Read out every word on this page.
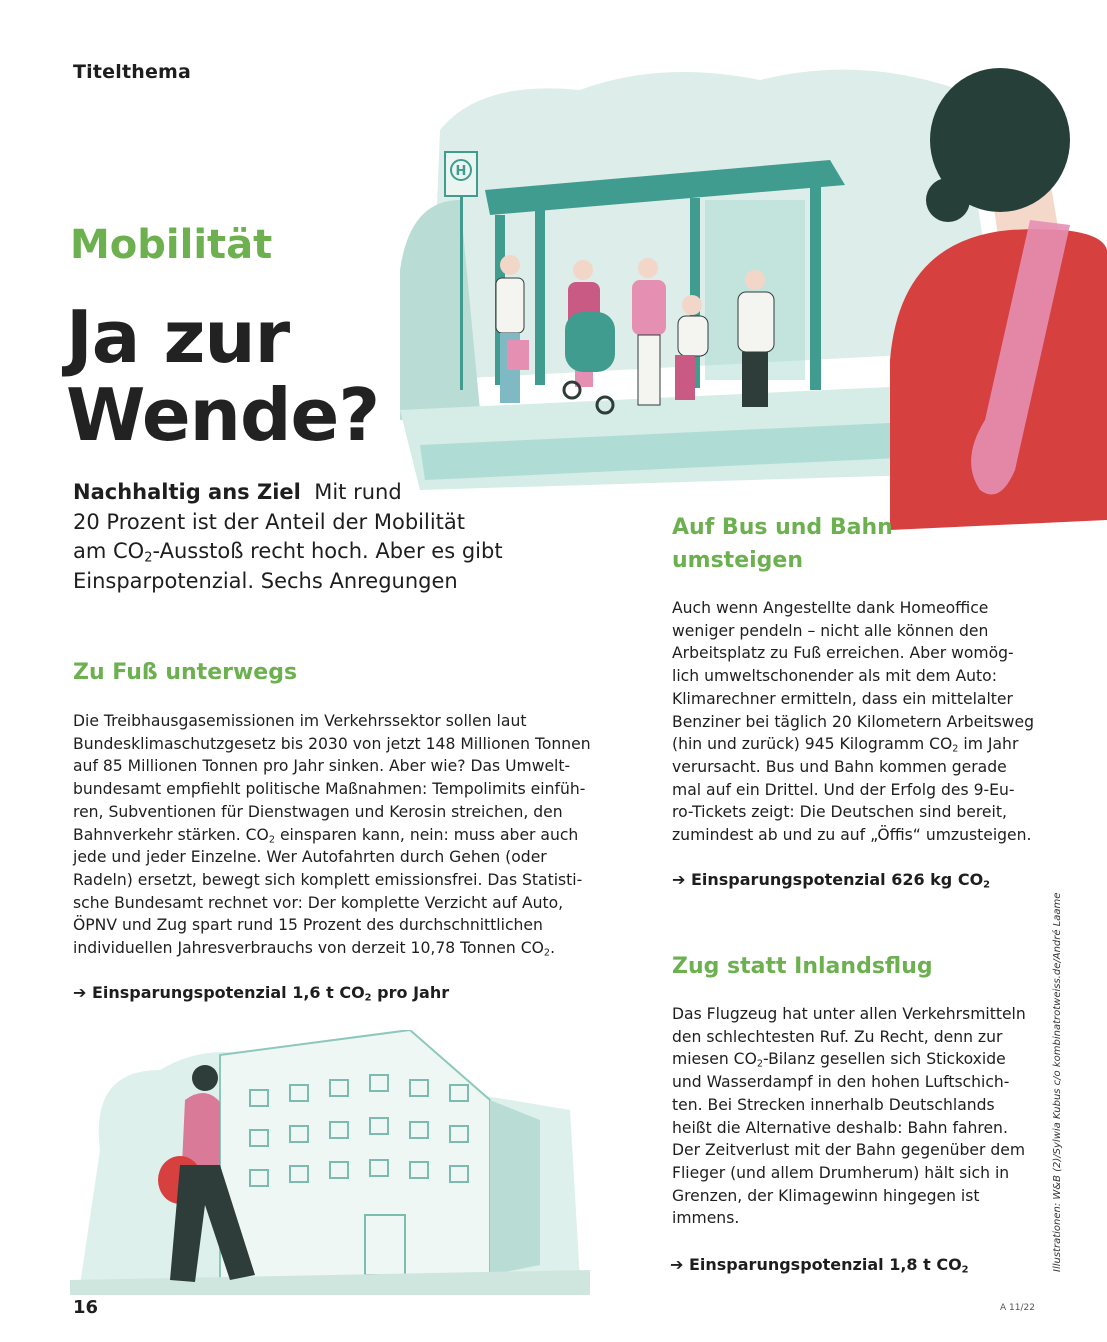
Titelthema
H
Mobilität
Ja zur
Wende?
Nachhaltig ans Ziel Mit rund
20 Prozent ist der Anteil der Mobilität
am $CO_2$-Ausstoß recht hoch. Aber es gibt
Einsparpotenzial. Sechs Anregungen
Zu Fuß unterwegs
Die Treibhausgasemissionen im Verkehrssektor sollen laut
Bundesklimaschutzgesetz bis 2030 von jetzt 148 Millionen Tonnen
auf 85 Millionen Tonnen pro Jahr sinken. Aber wie? Das Umwelt-
bundesamt empfiehlt politische Maßnahmen: Tempolimits einfüh-
ren, Subventionen für Dienstwagen und Kerosin streichen, den
Bahnverkehr stärken. $CO_2$ einsparen kann, nein: muss aber auch
jede und jeder Einzelne. Wer Autofahrten durch Gehen (oder
Radeln) ersetzt, bewegt sich komplett emissionsfrei. Das Statisti-
sche Bundesamt rechnet vor: Der komplette Verzicht auf Auto,
ÖPNV und Zug spart rund 15 Prozent des durchschnittlichen
individuellen Jahresverbrauchs von derzeit 10,78 Tonnen $CO_2$.
➔ Einsparungspotenzial 1,6 t $CO_2$ pro Jahr
Auf Bus und Bahn
umsteigen
Auch wenn Angestellte dank Homeoffice
weniger pendeln – nicht alle können den
Arbeitsplatz zu Fuß erreichen. Aber womög-
lich umweltschonender als mit dem Auto:
Klimarechner ermitteln, dass ein mittelalter
Benziner bei täglich 20 Kilometern Arbeitsweg
(hin und zurück) 945 Kilogramm $CO_2$ im Jahr
verursacht. Bus und Bahn kommen gerade
mal auf ein Drittel. Und der Erfolg des 9-Eu-
ro-Tickets zeigt: Die Deutschen sind bereit,
zumindest ab und zu auf „Öffis“ umzusteigen.
➔ Einsparungspotenzial 626 kg $CO_2$
Zug statt Inlandsflug
Das Flugzeug hat unter allen Verkehrsmitteln
den schlechtesten Ruf. Zu Recht, denn zur
miesen $CO_2$-Bilanz gesellen sich Stickoxide
und Wasserdampf in den hohen Luftschich-
ten. Bei Strecken innerhalb Deutschlands
heißt die Alternative deshalb: Bahn fahren.
Der Zeitverlust mit der Bahn gegenüber dem
Flieger (und allem Drumherum) hält sich in
Grenzen, der Klimagewinn hingegen ist
immens.
➔ Einsparungspotenzial 1,8 t $CO_2$
16	A 11/22
Illustrationen: W&B (2)/Sylwia Kubus c/o kombinatrotweiss.de/André Laame
